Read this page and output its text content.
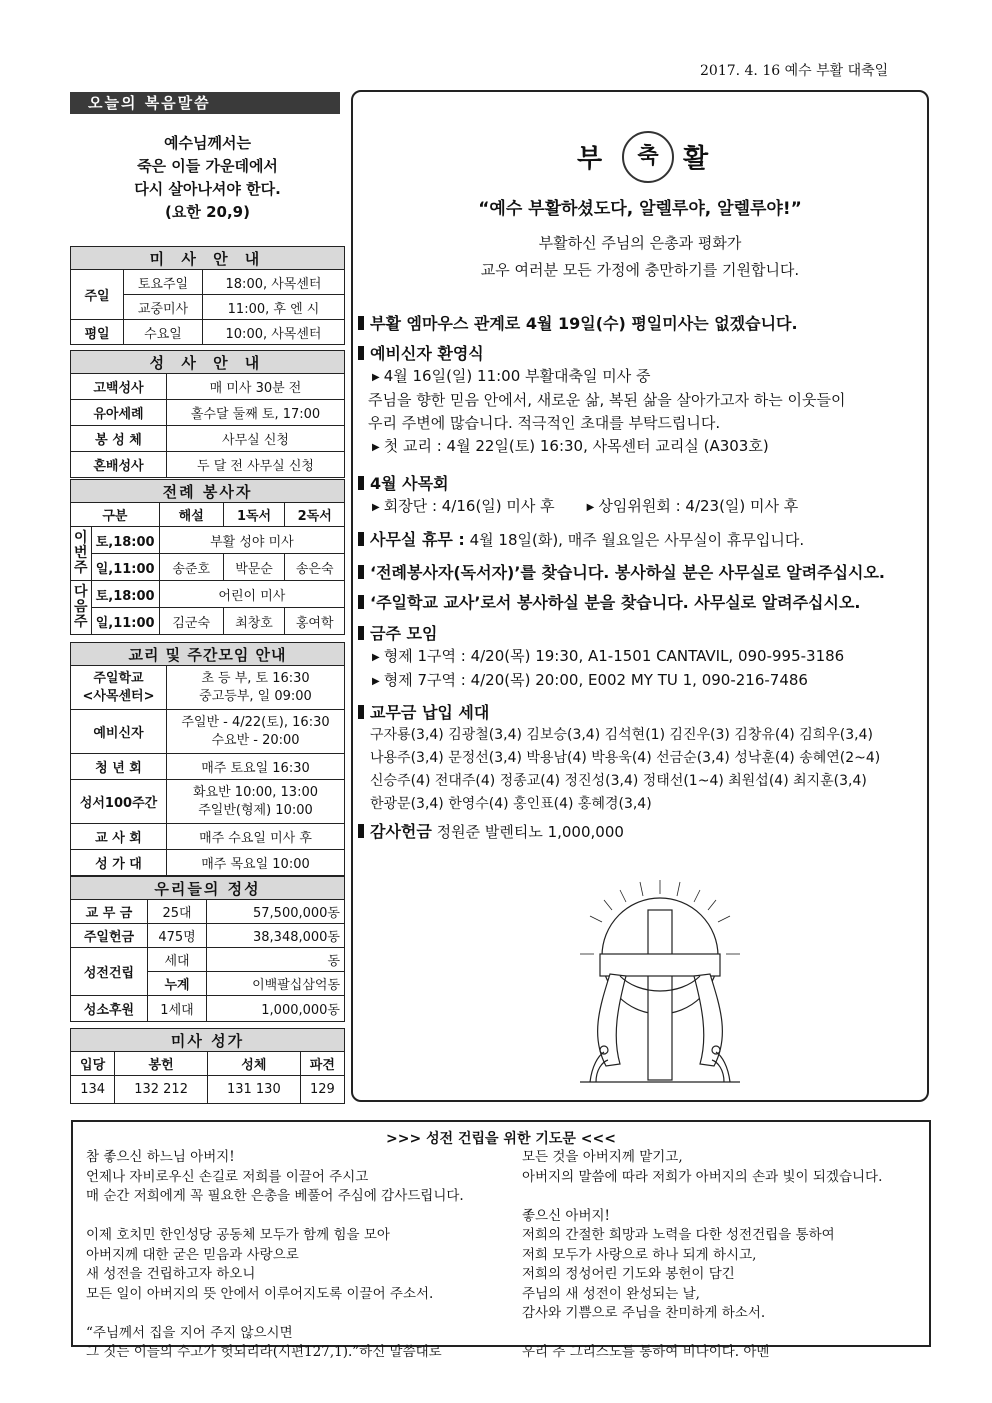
2017. 4. 16 예수 부활 대축일
오늘의 복음말씀
예수님께서는
죽은 이들 가운데에서
다시 살아나셔야 한다.
(요한 20,9)
미 사 안 내		
주일	토요주일	18:00, 사목센터
	교중미사	11:00, 후 엔 시
평일	수요일	10:00, 사목센터
성 사 안 내	
고백성사	매 미사 30분 전
유아세례	홀수달 둘째 토, 17:00
봉 성 체	사무실 신청
혼배성사	두 달 전 사무실 신청
전례 봉사자				
구분		해설	1독서	2독서
이번주	토,18:00	부활 성야 미사		
	일,11:00	송준호	박문순	송은숙
다음주	토,18:00	어린이 미사		
	일,11:00	김군숙	최창호	홍여학
교리 및 주간모임 안내	
주일학교
<사목센터>	초 등 부, 토 16:30
중고등부, 일 09:00
예비신자	주일반 - 4/22(토), 16:30
수요반 - 20:00
청 년 회	매주 토요일 16:30
성서100주간	화요반 10:00, 13:00
주일반(형제) 10:00
교 사 회	매주 수요일 미사 후
성 가 대	매주 목요일 10:00
우리들의 정성		
교 무 금	25대	57,500,000동
주일헌금	475명	38,348,000동
성전건립	세대	동
	누계	이백팔십삼억동
성소후원	1세대	1,000,000동
미사 성가			
입당	봉헌	성체	파견
134	132 212	131 130	129
부 활
축
“예수 부활하셨도다, 알렐루야, 알렐루야!”
부활하신 주님의 은총과 평화가
교우 여러분 모든 가정에 충만하기를 기원합니다.
부활 엠마우스 관계로 4월 19일(수) 평일미사는 없겠습니다.
예비신자 환영식
▶ 4월 16일(일) 11:00 부활대축일 미사 중
주님을 향한 믿음 안에서, 새로운 삶, 복된 삶을 살아가고자 하는 이웃들이
우리 주변에 많습니다. 적극적인 초대를 부탁드립니다.
▶ 첫 교리 : 4월 22일(토) 16:30, 사목센터 교리실 (A303호)
4월 사목회
▶ 회장단 : 4/16(일) 미사 후	▶ 상임위원회 : 4/23(일) 미사 후
사무실 휴무 : 4월 18일(화), 매주 월요일은 사무실이 휴무입니다.
‘전례봉사자(독서자)’를 찾습니다. 봉사하실 분은 사무실로 알려주십시오.
‘주일학교 교사’로서 봉사하실 분을 찾습니다. 사무실로 알려주십시오.
금주 모임
▶ 형제 1구역 : 4/20(목) 19:30, A1-1501 CANTAVIL, 090-995-3186
▶ 형제 7구역 : 4/20(목) 20:00, E002 MY TU 1, 090-216-7486
교무금 납입 세대
구자룡(3,4) 김광철(3,4) 김보승(3,4) 김석현(1) 김진우(3) 김창유(4) 김희우(3,4)
나용주(3,4) 문정선(3,4) 박용남(4) 박용욱(4) 선금순(3,4) 성낙훈(4) 송혜연(2~4)
신승주(4) 전대주(4) 정종교(4) 정진성(3,4) 정태선(1~4) 최원섭(4) 최지훈(3,4)
한광문(3,4) 한영수(4) 홍인표(4) 홍혜경(3,4)
감사헌금 정원준 발렌티노 1,000,000
>>> 성전 건립을 위한 기도문 <<<
참 좋으신 하느님 아버지!
언제나 자비로우신 손길로 저희를 이끌어 주시고
매 순간 저희에게 꼭 필요한 은총을 베풀어 주심에 감사드립니다.
이제 호치민 한인성당 공동체 모두가 함께 힘을 모아
아버지께 대한 굳은 믿음과 사랑으로
새 성전을 건립하고자 하오니
모든 일이 아버지의 뜻 안에서 이루어지도록 이끌어 주소서.
“주님께서 집을 지어 주지 않으시면
그 짓는 이들의 수고가 헛되리라(시편127,1).”하신 말씀대로
모든 것을 아버지께 맡기고,
아버지의 말씀에 따라 저희가 아버지의 손과 빛이 되겠습니다.
좋으신 아버지!
저희의 간절한 희망과 노력을 다한 성전건립을 통하여
저희 모두가 사랑으로 하나 되게 하시고,
저희의 정성어린 기도와 봉헌이 담긴
주님의 새 성전이 완성되는 날,
감사와 기쁨으로 주님을 찬미하게 하소서.
우리 주 그리스도를 통하여 비나이다. 아멘
